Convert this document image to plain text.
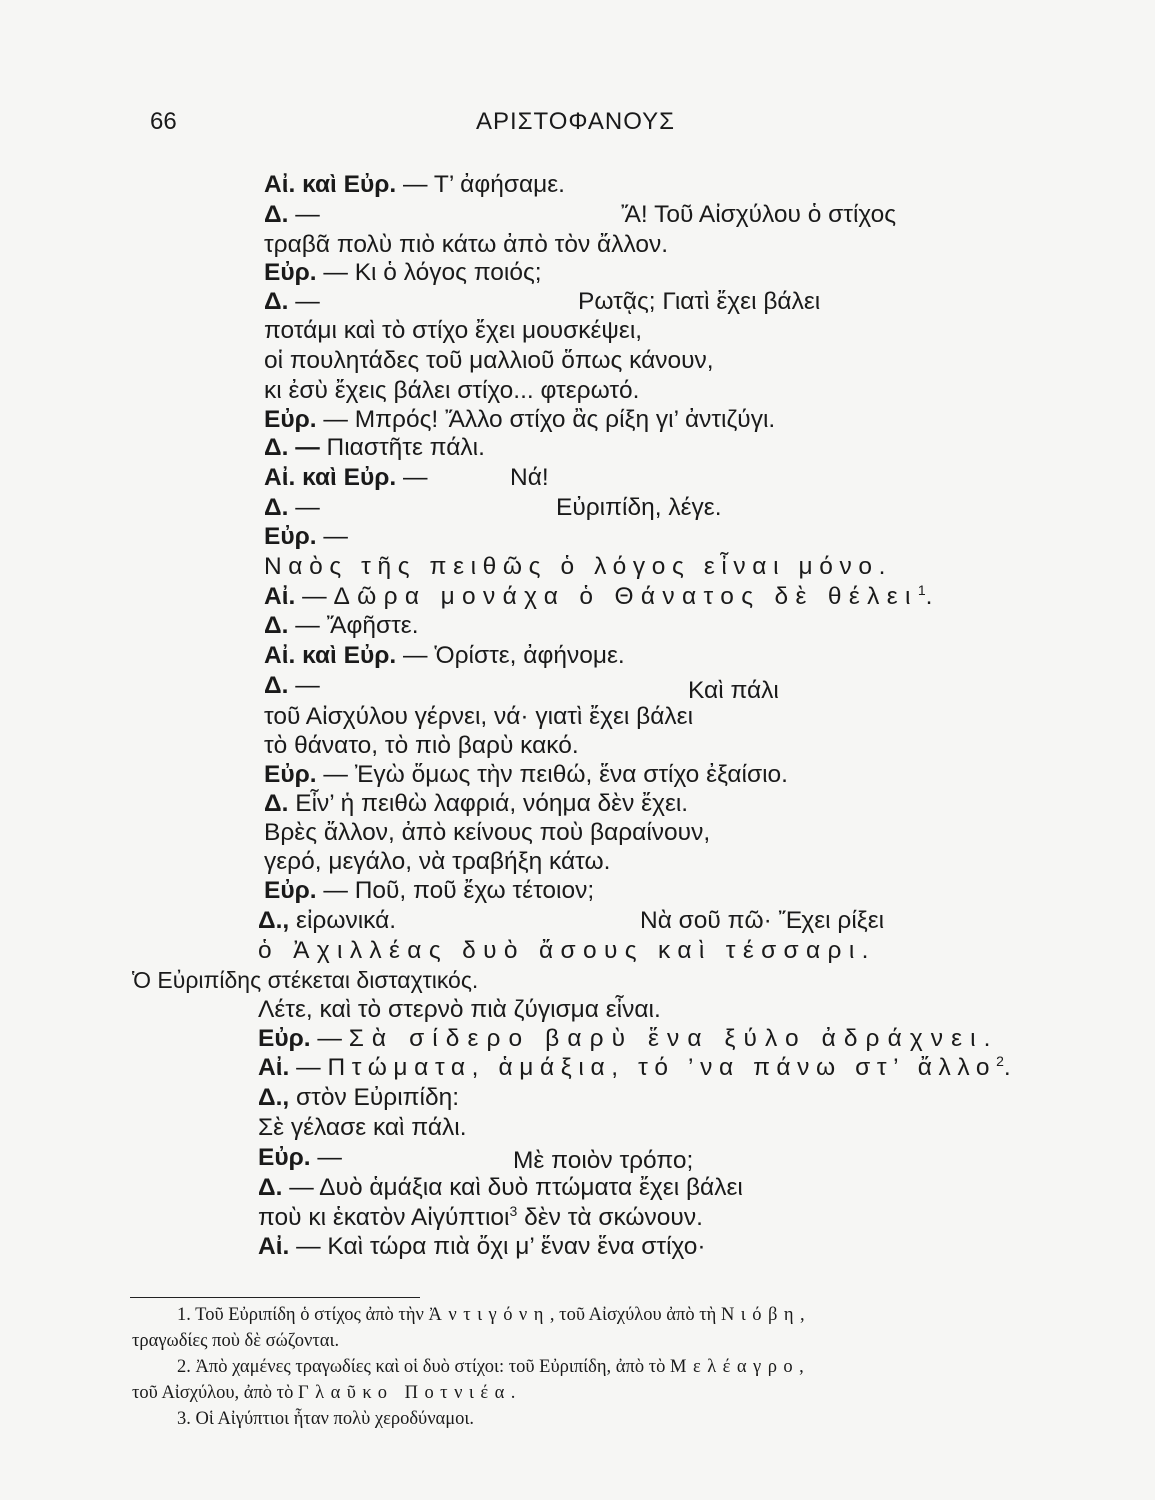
66	ΑΡΙΣΤΟΦΑΝΟΥΣ
Αἰ. καὶ Εὐρ. — Τ’ ἀφήσαμε.
Δ. —	Ἄ! Τοῦ Αἰσχύλου ὁ στίχος
τραβᾶ πολὺ πιὸ κάτω ἀπὸ τὸν ἄλλον.
Εὐρ. — Κι ὁ λόγος ποιός;
Δ. —	Ρωτᾷς; Γιατὶ ἔχει βάλει
ποτάμι καὶ τὸ στίχο ἔχει μουσκέψει,
οἱ πουλητάδες τοῦ μαλλιοῦ ὅπως κάνουν,
κι ἐσὺ ἔχεις βάλει στίχο... φτερωτό.
Εὐρ. — Μπρός! Ἄλλο στίχο ἂς ρίξη γι’ ἀντιζύγι.
Δ. — Πιαστῆτε πάλι.
Αἰ. καὶ Εὐρ. —	Νά!
Δ. —	Εὐριπίδη, λέγε.
Εὐρ. —
Ναὸς τῆς πειθῶς ὁ λόγος εἶναι μόνο.
Αἰ. — Δῶρα μονάχα ὁ Θάνατος δὲ θέλει$^1$.
Δ. — Ἄφῆστε.
Αἰ. καὶ Εὐρ. — Ὁρίστε, ἀφήνομε.
Δ. —	Καὶ πάλι
τοῦ Αἰσχύλου γέρνει, νά· γιατὶ ἔχει βάλει
τὸ θάνατο, τὸ πιὸ βαρὺ κακό.
Εὐρ. — Ἐγὼ ὅμως τὴν πειθώ, ἕνα στίχο ἐξαίσιο.
Δ. Εἶν’ ἡ πειθὼ λαφριά, νόημα δὲν ἔχει.
Βρὲς ἄλλον, ἀπὸ κείνους ποὺ βαραίνουν,
γερό, μεγάλο, νὰ τραβήξη κάτω.
Εὐρ. — Ποῦ, ποῦ ἔχω τέτοιον;
Δ., εἰρωνικά.	Νὰ σοῦ πῶ· Ἔχει ρίξει
ὁ Ἀχιλλέας δυὸ ἄσους καὶ τέσσαρι.
Ὁ Εὐριπίδης στέκεται δισταχτικός.
Λέτε, καὶ τὸ στερνὸ πιὰ ζύγισμα εἶναι.
Εὐρ. — Σὰ σίδερο βαρὺ ἕνα ξύλο ἀδράχνει.
Αἰ. — Πτώματα, ἁμάξια, τό ’να πάνω στ’ ἄλλο$^2$.
Δ., στὸν Εὐριπίδη:
Σὲ γέλασε καὶ πάλι.
Εὐρ. —	Μὲ ποιὸν τρόπο;
Δ. — Δυὸ ἁμάξια καὶ δυὸ πτώματα ἔχει βάλει
ποὺ κι ἑκατὸν Αἰγύπτιοι$^3$ δὲν τὰ σκώνουν.
Αἰ. — Καὶ τώρα πιὰ ὄχι μ’ ἕναν ἕνα στίχο·
1. Τοῦ Εὐριπίδη ὁ στίχος ἀπὸ τὴν Ἀντιγόνη, τοῦ Αἰσχύλου ἀπὸ τὴ Νιόβη,
τραγωδίες ποὺ δὲ σώζονται.
2. Ἀπὸ χαμένες τραγωδίες καὶ οἱ δυὸ στίχοι: τοῦ Εὐριπίδη, ἀπὸ τὸ Μελέαγρο,
τοῦ Αἰσχύλου, ἀπὸ τὸ Γλαῦκο Ποτνιέα.
3. Οἱ Αἰγύπτιοι ἦταν πολὺ χεροδύναμοι.
